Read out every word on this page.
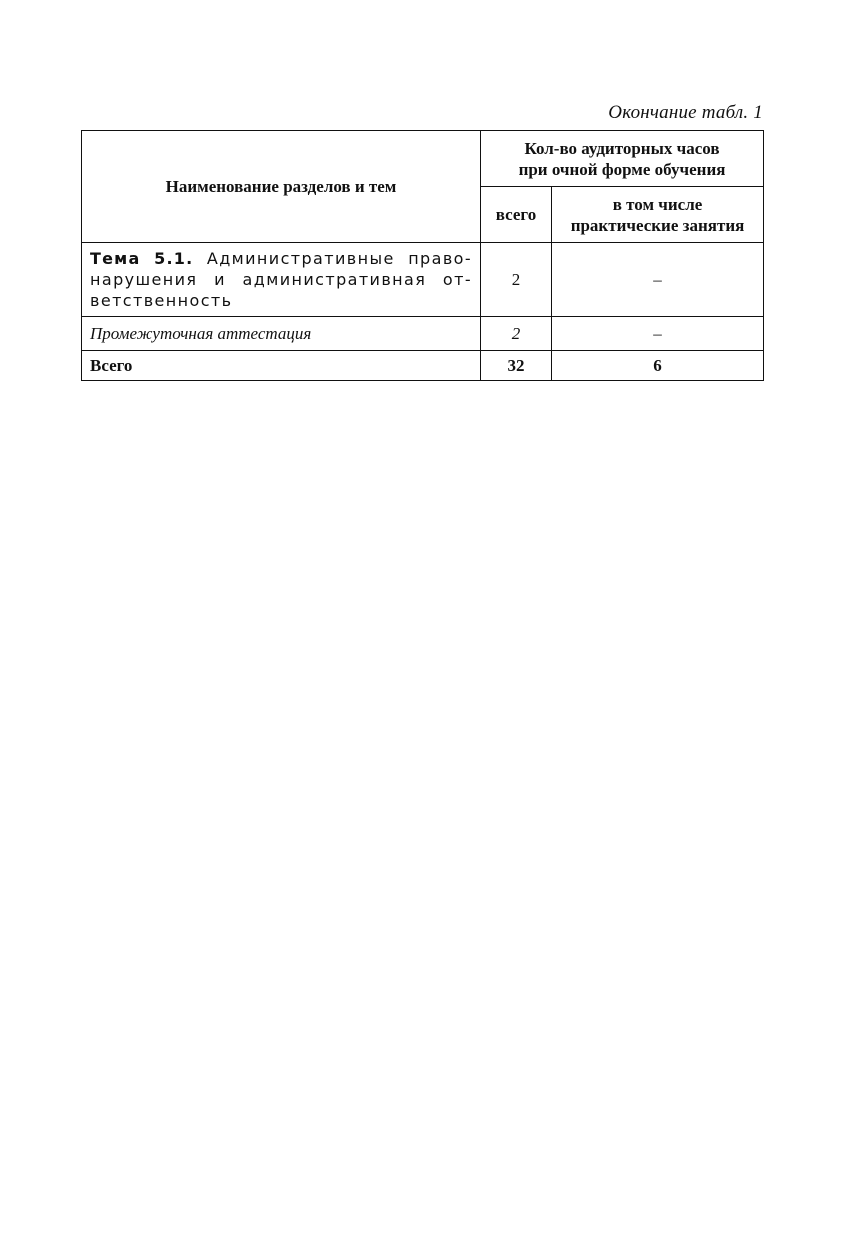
Окончание табл. 1
Наименование разделов и тем	Кол-во аудиторных часов
при очной форме обучения	

	всего	в том числе
практические занятия

Тема 5.1. Административные право-нарушения и административная от-ветственность	2	–
Промежуточная аттестация	2	–
Всего	32	6
